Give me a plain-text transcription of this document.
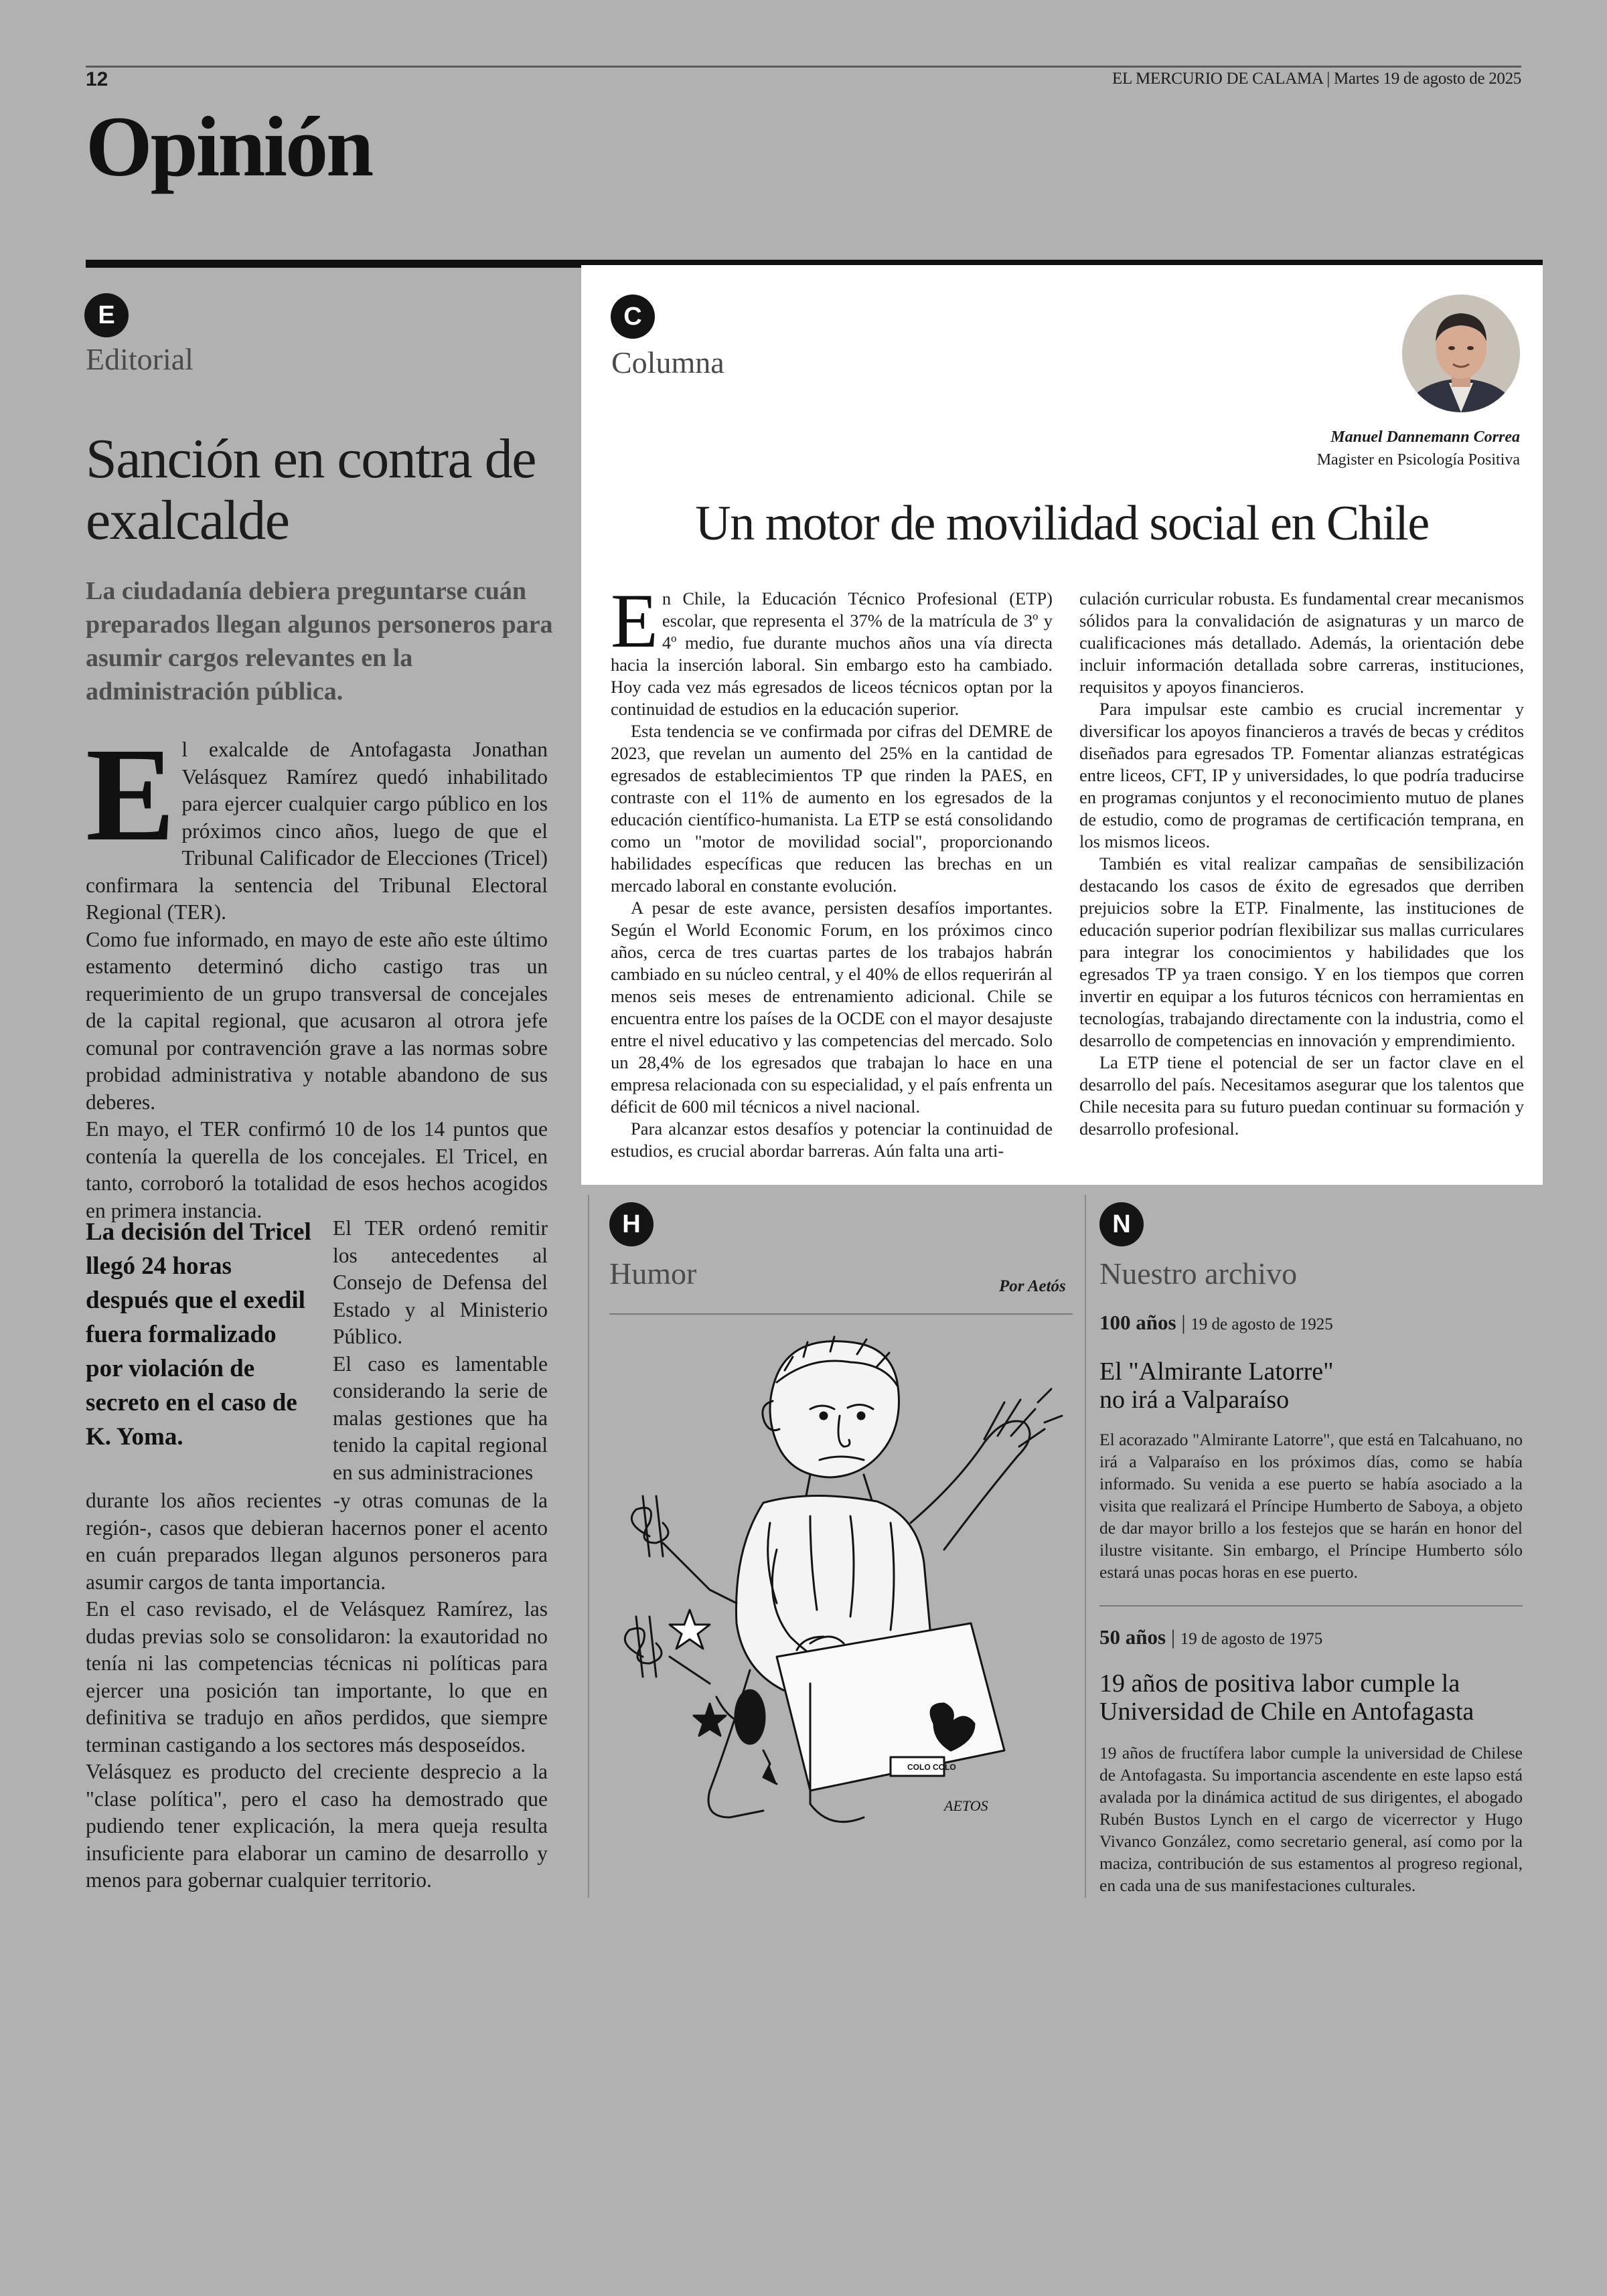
12	EL MERCURIO DE CALAMA | Martes 19 de agosto de 2025
Opinión
E
Editorial
Sanción en contra de exalcalde
La ciudadanía debiera preguntarse cuán preparados llegan algunos personeros para asumir cargos relevantes en la administración pública.

El exalcalde de Antofagasta Jonathan Velásquez Ramírez quedó inhabilitado para ejercer cualquier cargo público en los próximos cinco años, luego de que el Tribunal Calificador de Elecciones (Tricel) confirmara la sentencia del Tribunal Electoral Regional (TER).

Como fue informado, en mayo de este año este último estamento determinó dicho castigo tras un requerimiento de un grupo transversal de concejales de la capital regional, que acusaron al otrora jefe comunal por contravención grave a las normas sobre probidad administrativa y notable abandono de sus deberes.

En mayo, el TER confirmó 10 de los 14 puntos que contenía la querella de los concejales. El Tricel, en tanto, corroboró la totalidad de esos hechos acogidos en primera instancia.

La decisión del Tricel llegó 24 horas después que el exedil fuera formalizado por violación de secreto en el caso de K. Yoma.

El TER ordenó remitir los antecedentes al Consejo de Defensa del Estado y al Ministerio Público.

El caso es lamentable considerando la serie de malas gestiones que ha tenido la capital regional en sus administraciones

durante los años recientes -y otras comunas de la región-, casos que debieran hacernos poner el acento en cuán preparados llegan algunos personeros para asumir cargos de tanta importancia.

En el caso revisado, el de Velásquez Ramírez, las dudas previas solo se consolidaron: la exautoridad no tenía ni las competencias técnicas ni políticas para ejercer una posición tan importante, lo que en definitiva se tradujo en años perdidos, que siempre terminan castigando a los sectores más desposeídos.

Velásquez es producto del creciente desprecio a la "clase política", pero el caso ha demostrado que pudiendo tener explicación, la mera queja resulta insuficiente para elaborar un camino de desarrollo y menos para gobernar cualquier territorio.

C
Columna
Manuel Dannemann Correa
Magister en Psicología Positiva
Un motor de movilidad social en Chile

En Chile, la Educación Técnico Profesional (ETP) escolar, que representa el 37% de la matrícula de 3º y 4º medio, fue durante muchos años una vía directa hacia la inserción laboral. Sin embargo esto ha cambiado. Hoy cada vez más egresados de liceos técnicos optan por la continuidad de estudios en la educación superior.

Esta tendencia se ve confirmada por cifras del DEMRE de 2023, que revelan un aumento del 25% en la cantidad de egresados de establecimientos TP que rinden la PAES, en contraste con el 11% de aumento en los egresados de la educación científico-humanista. La ETP se está consolidando como un "motor de movilidad social", proporcionando habilidades específicas que reducen las brechas en un mercado laboral en constante evolución.

A pesar de este avance, persisten desafíos importantes. Según el World Economic Forum, en los próximos cinco años, cerca de tres cuartas partes de los trabajos habrán cambiado en su núcleo central, y el 40% de ellos requerirán al menos seis meses de entrenamiento adicional. Chile se encuentra entre los países de la OCDE con el mayor desajuste entre el nivel educativo y las competencias del mercado. Solo un 28,4% de los egresados que trabajan lo hace en una empresa relacionada con su especialidad, y el país enfrenta un déficit de 600 mil técnicos a nivel nacional.

Para alcanzar estos desafíos y potenciar la continuidad de estudios, es crucial abordar barreras. Aún falta una arti-

culación curricular robusta. Es fundamental crear mecanismos sólidos para la convalidación de asignaturas y un marco de cualificaciones más detallado. Además, la orientación debe incluir información detallada sobre carreras, instituciones, requisitos y apoyos financieros.

Para impulsar este cambio es crucial incrementar y diversificar los apoyos financieros a través de becas y créditos diseñados para egresados TP. Fomentar alianzas estratégicas entre liceos, CFT, IP y universidades, lo que podría traducirse en programas conjuntos y el reconocimiento mutuo de planes de estudio, como de programas de certificación temprana, en los mismos liceos.

También es vital realizar campañas de sensibilización destacando los casos de éxito de egresados que derriben prejuicios sobre la ETP. Finalmente, las instituciones de educación superior podrían flexibilizar sus mallas curriculares para integrar los conocimientos y habilidades que los egresados TP ya traen consigo. Y en los tiempos que corren invertir en equipar a los futuros técnicos con herramientas en tecnologías, trabajando directamente con la industria, como el desarrollo de competencias en innovación y emprendimiento.

La ETP tiene el potencial de ser un factor clave en el desarrollo del país. Necesitamos asegurar que los talentos que Chile necesita para su futuro puedan continuar su formación y desarrollo profesional.

H
Humor	Por Aetós
COLO COLO
AETOS
N
Nuestro archivo
100 años | 19 de agosto de 1925
El "Almirante Latorre" no irá a Valparaíso
El acorazado "Almirante Latorre", que está en Talcahuano, no irá a Valparaíso en los próximos días, como se había informado. Su venida a ese puerto se había asociado a la visita que realizará el Príncipe Humberto de Saboya, a objeto de dar mayor brillo a los festejos que se harán en honor del ilustre visitante. Sin embargo, el Príncipe Humberto sólo estará unas pocas horas en ese puerto.
50 años | 19 de agosto de 1975
19 años de positiva labor cumple la Universidad de Chile en Antofagasta
19 años de fructífera labor cumple la universidad de Chilese de Antofagasta. Su importancia ascendente en este lapso está avalada por la dinámica actitud de sus dirigentes, el abogado Rubén Bustos Lynch en el cargo de vicerrector y Hugo Vivanco González, como secretario general, así como por la maciza, contribución de sus estamentos al progreso regional, en cada una de sus manifestaciones culturales.
